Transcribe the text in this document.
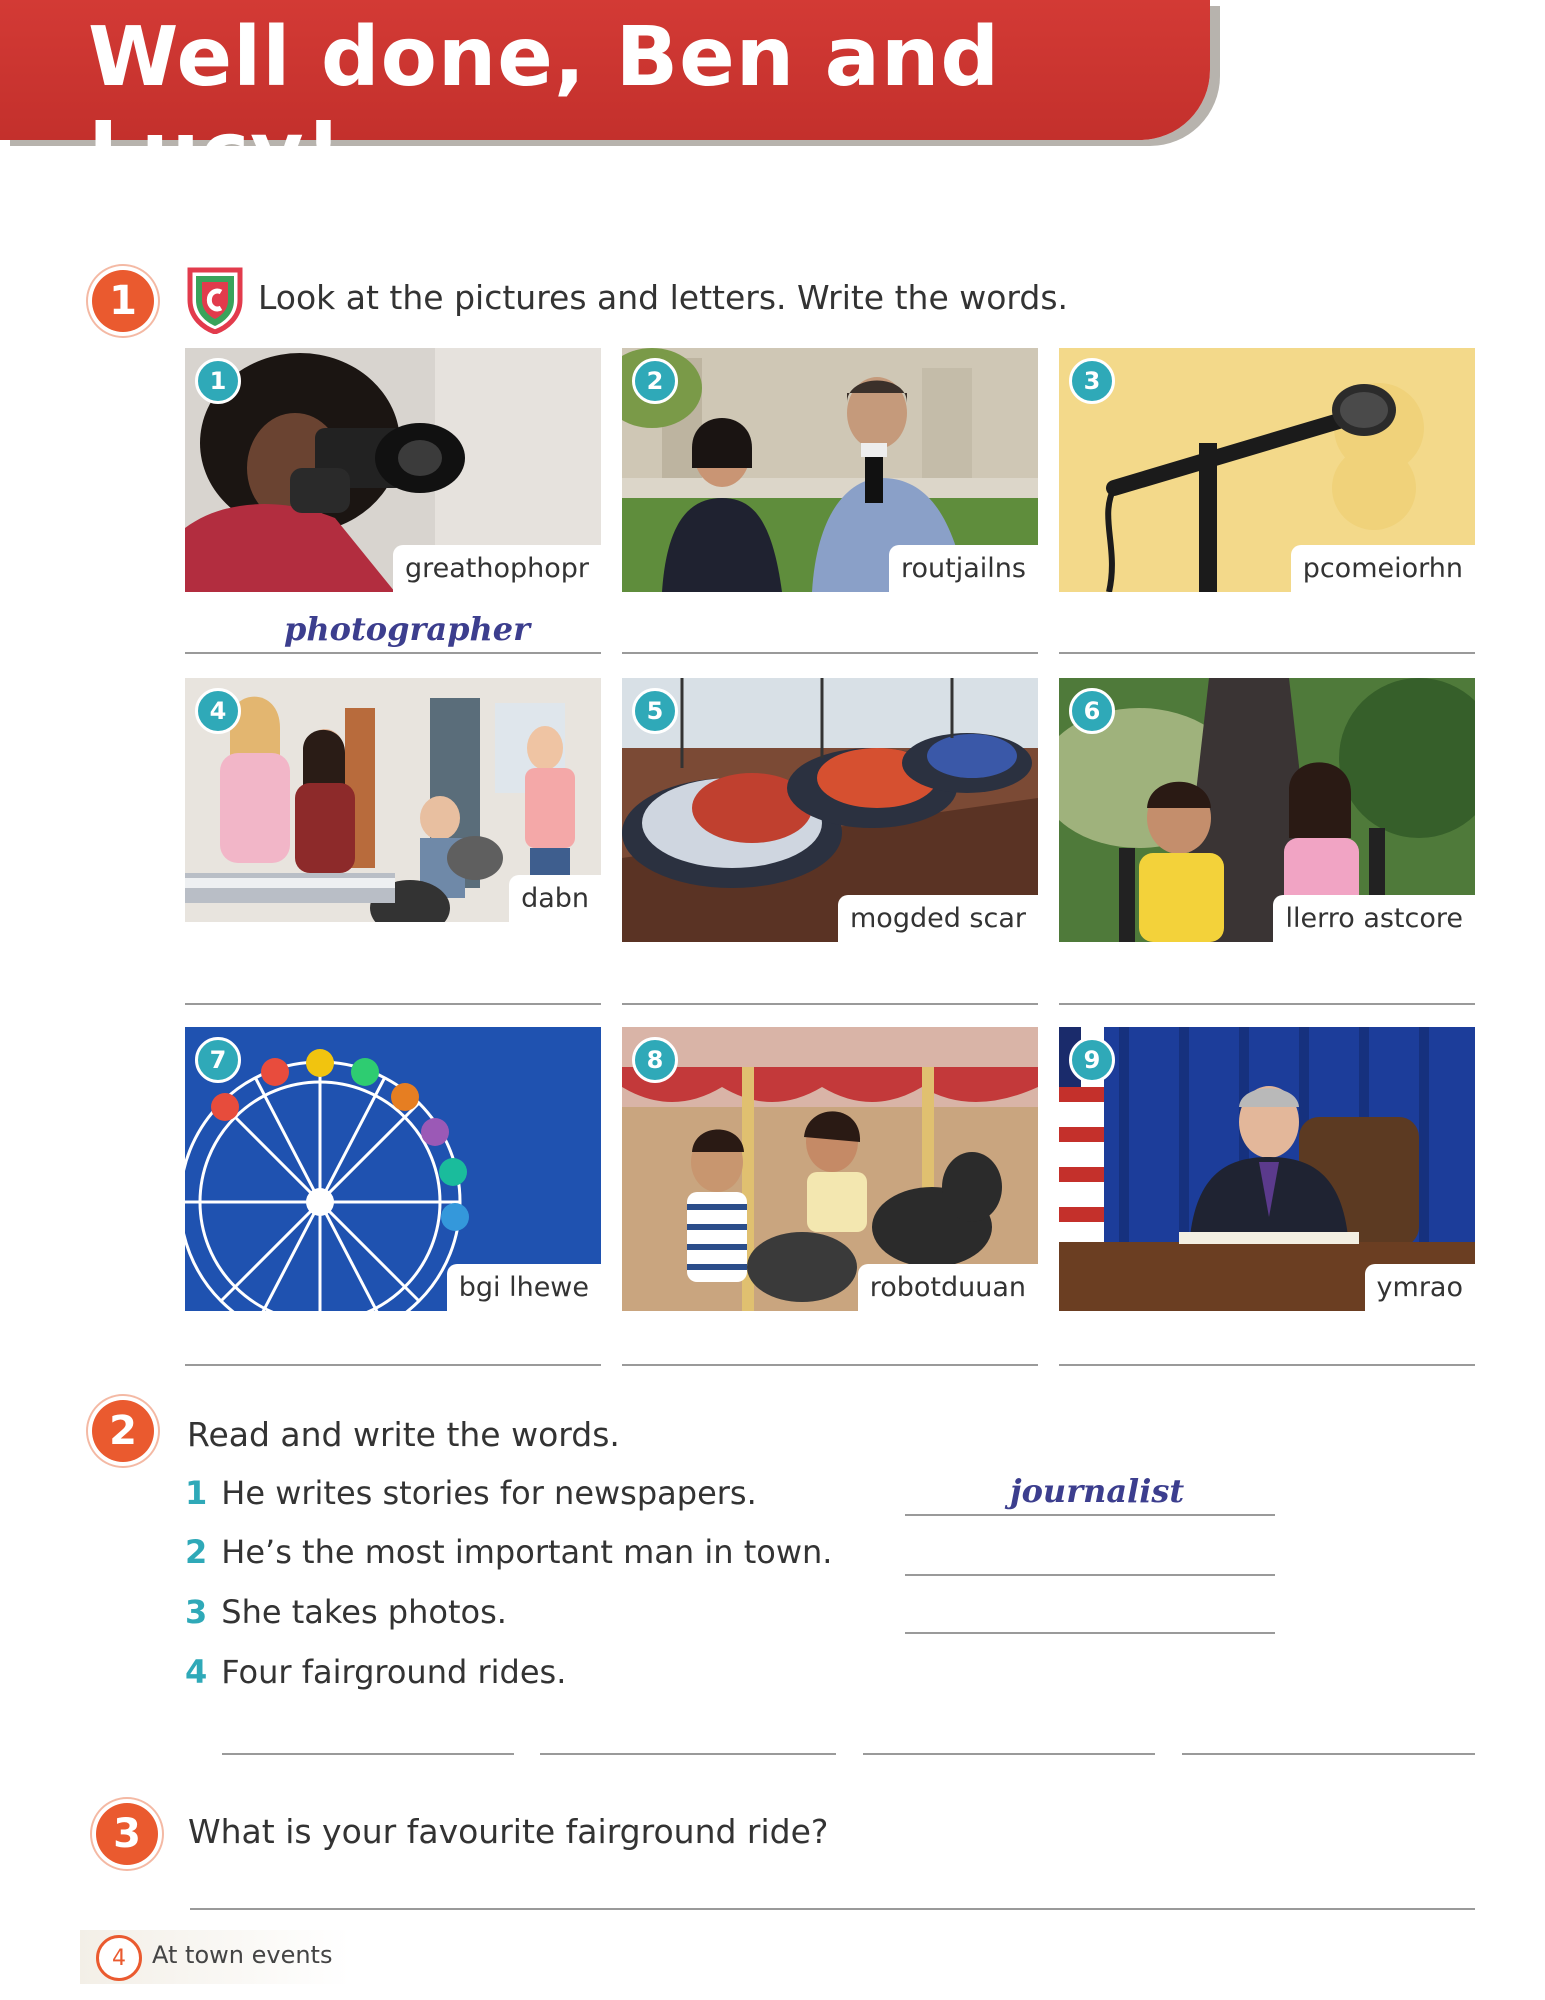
Well done, Ben and Lucy!
1	Look at the pictures and letters. Write the words.
1
greathophopr
2
routjailns
3
pcomeiorhn
photographer
4
dabn
5
mogded scar
6
llerro astcore
7
bgi lhewe
8
robotduuan
9
ymrao
2	Read and write the words.
1 He writes stories for newspapers.	journalist
2 He’s the most important man in town.
3 She takes photos.
4 Four fairground rides.
3	What is your favourite fairground ride?
4	At town events
